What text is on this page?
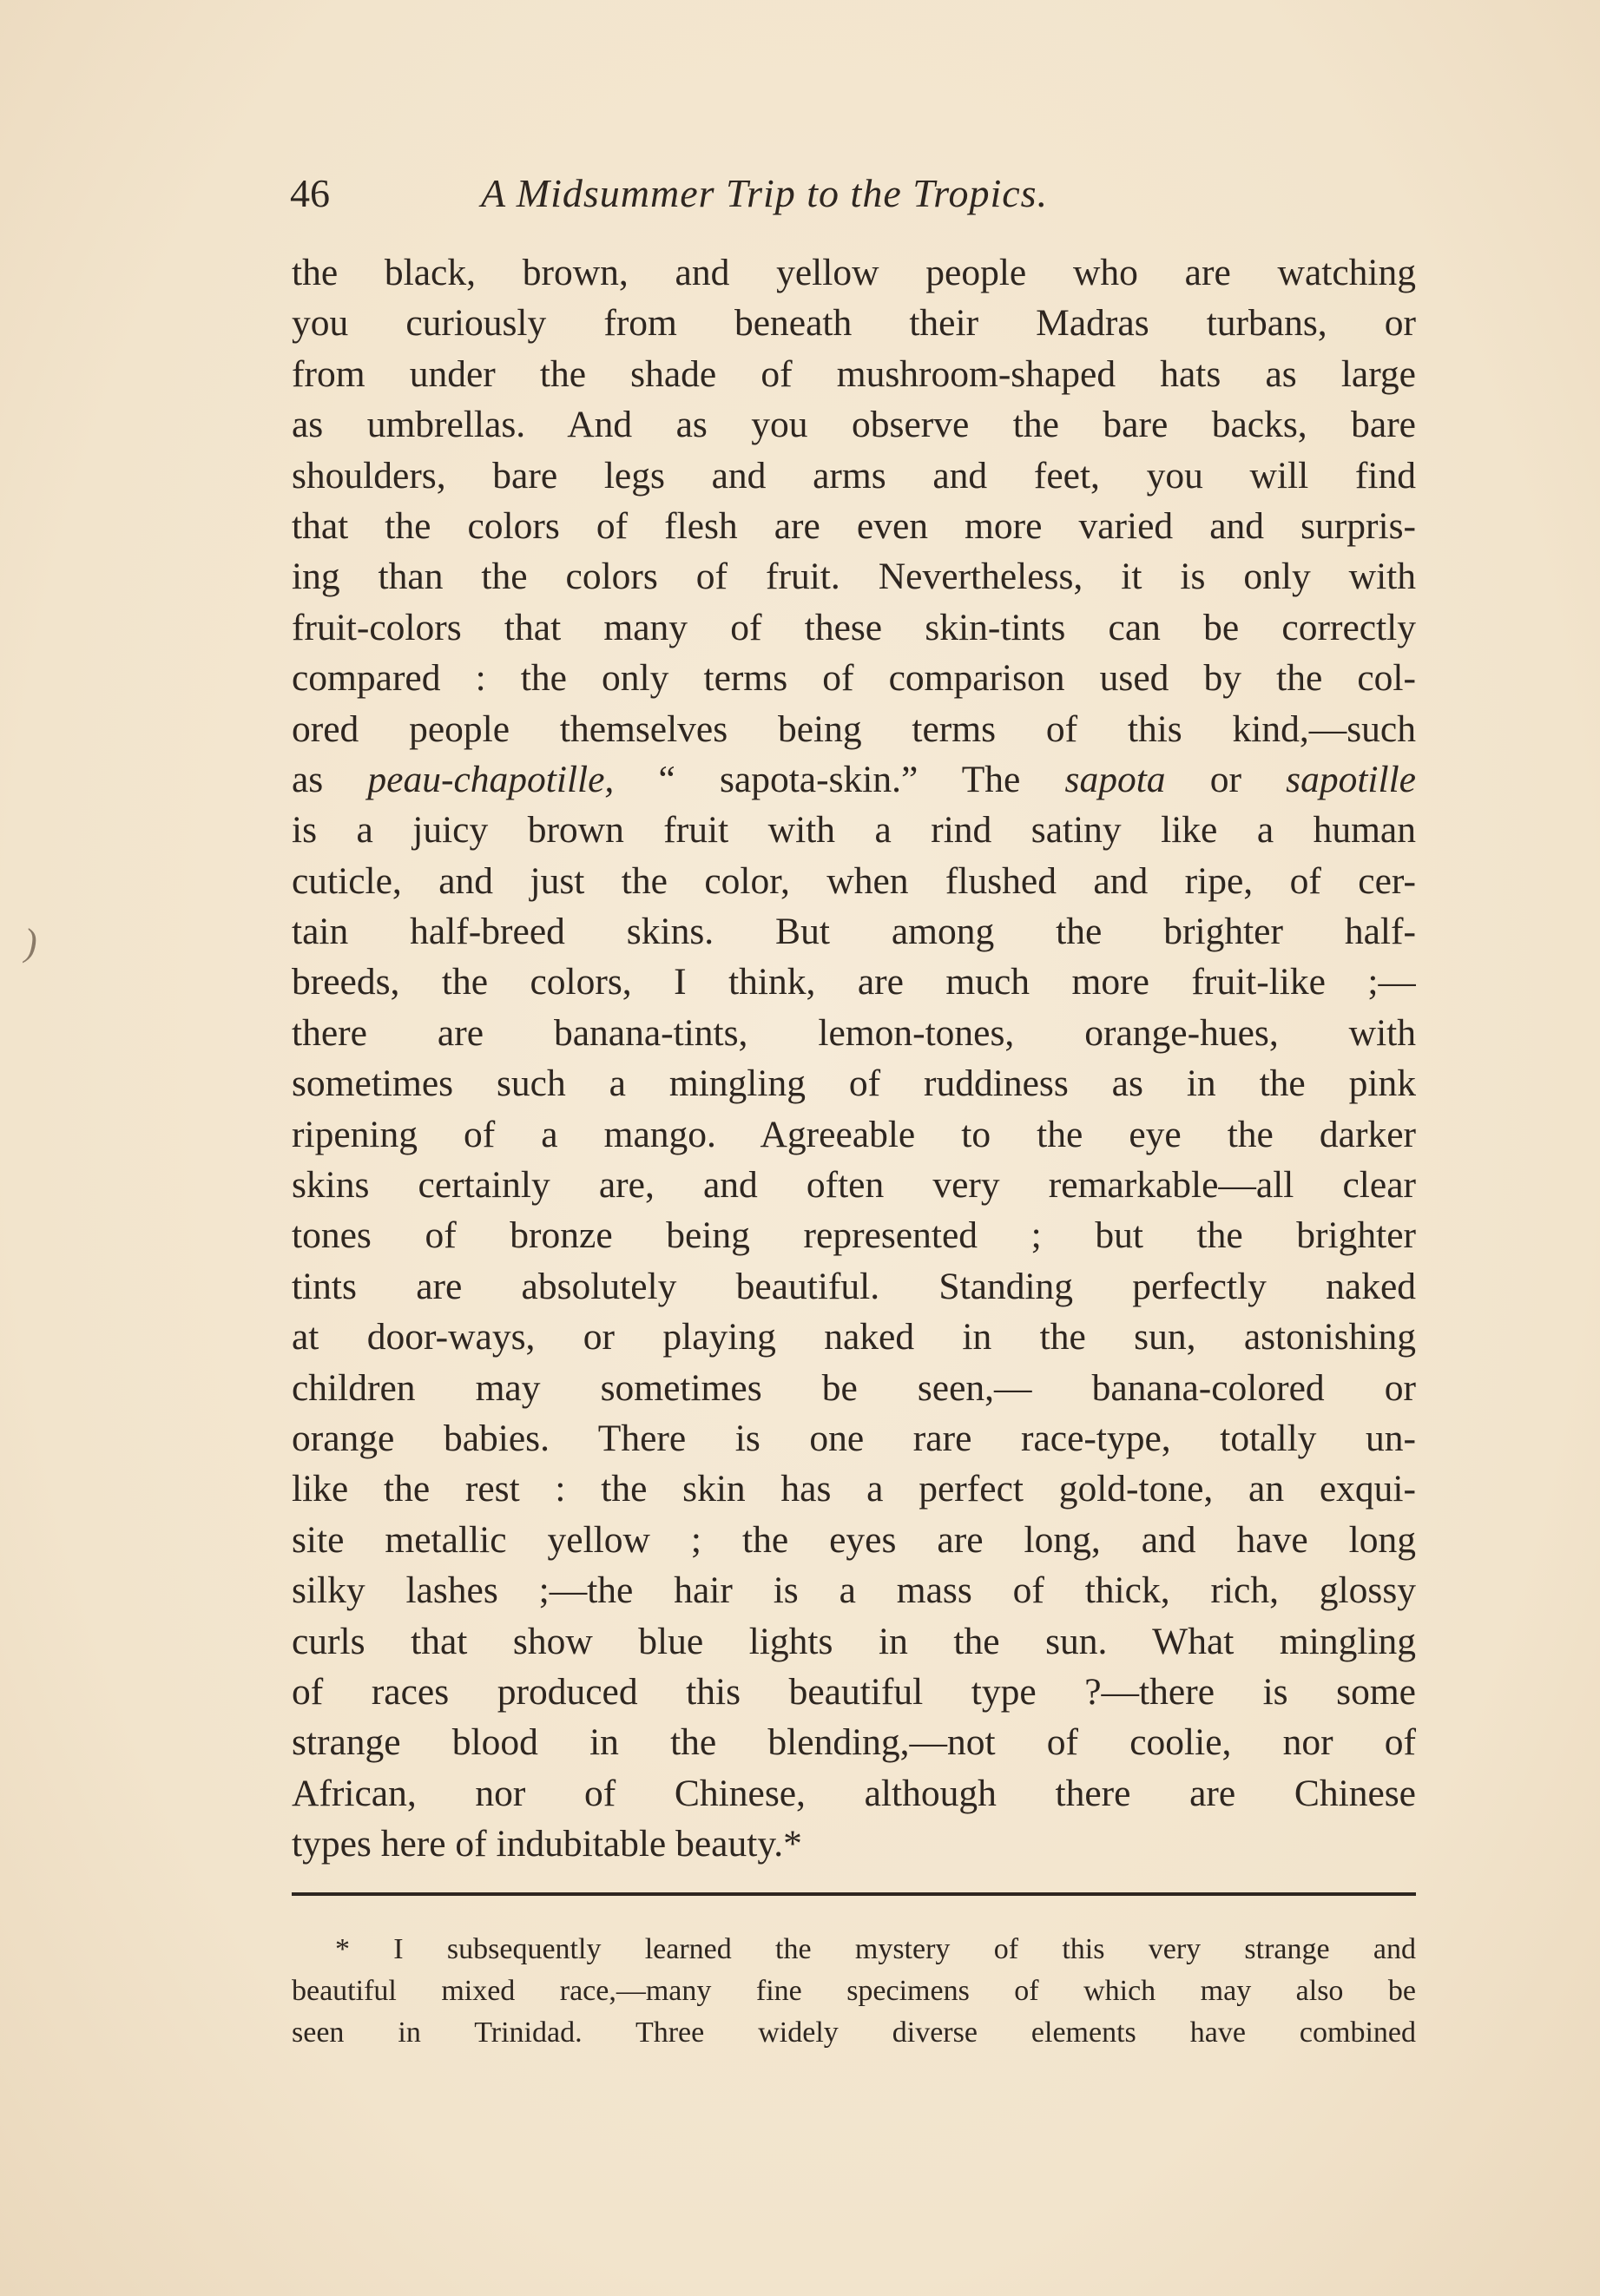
46	A Midsummer Trip to the Tropics.
)
the black, brown, and yellow people who are watching
you curiously from beneath their Madras turbans, or
from under the shade of mushroom-shaped hats as large
as umbrellas. And as you observe the bare backs, bare
shoulders, bare legs and arms and feet, you will find
that the colors of flesh are even more varied and surpris-
ing than the colors of fruit. Nevertheless, it is only with
fruit-colors that many of these skin-tints can be correctly
compared : the only terms of comparison used by the col-
ored people themselves being terms of this kind,—such
as peau-chapotille, “ sapota-skin.” The sapota or sapotille
is a juicy brown fruit with a rind satiny like a human
cuticle, and just the color, when flushed and ripe, of cer-
tain half-breed skins. But among the brighter half-
breeds, the colors, I think, are much more fruit-like ;—
there are banana-tints, lemon-tones, orange-hues, with
sometimes such a mingling of ruddiness as in the pink
ripening of a mango. Agreeable to the eye the darker
skins certainly are, and often very remarkable—all clear
tones of bronze being represented ; but the brighter
tints are absolutely beautiful. Standing perfectly naked
at door-ways, or playing naked in the sun, astonishing
children may sometimes be seen,— banana-colored or
orange babies. There is one rare race-type, totally un-
like the rest : the skin has a perfect gold-tone, an exqui-
site metallic yellow ; the eyes are long, and have long
silky lashes ;—the hair is a mass of thick, rich, glossy
curls that show blue lights in the sun. What mingling
of races produced this beautiful type ?—there is some
strange blood in the blending,—not of coolie, nor of
African, nor of Chinese, although there are Chinese
types here of indubitable beauty.*
* I subsequently learned the mystery of this very strange and
beautiful mixed race,—many fine specimens of which may also be
seen in Trinidad. Three widely diverse elements have combined
